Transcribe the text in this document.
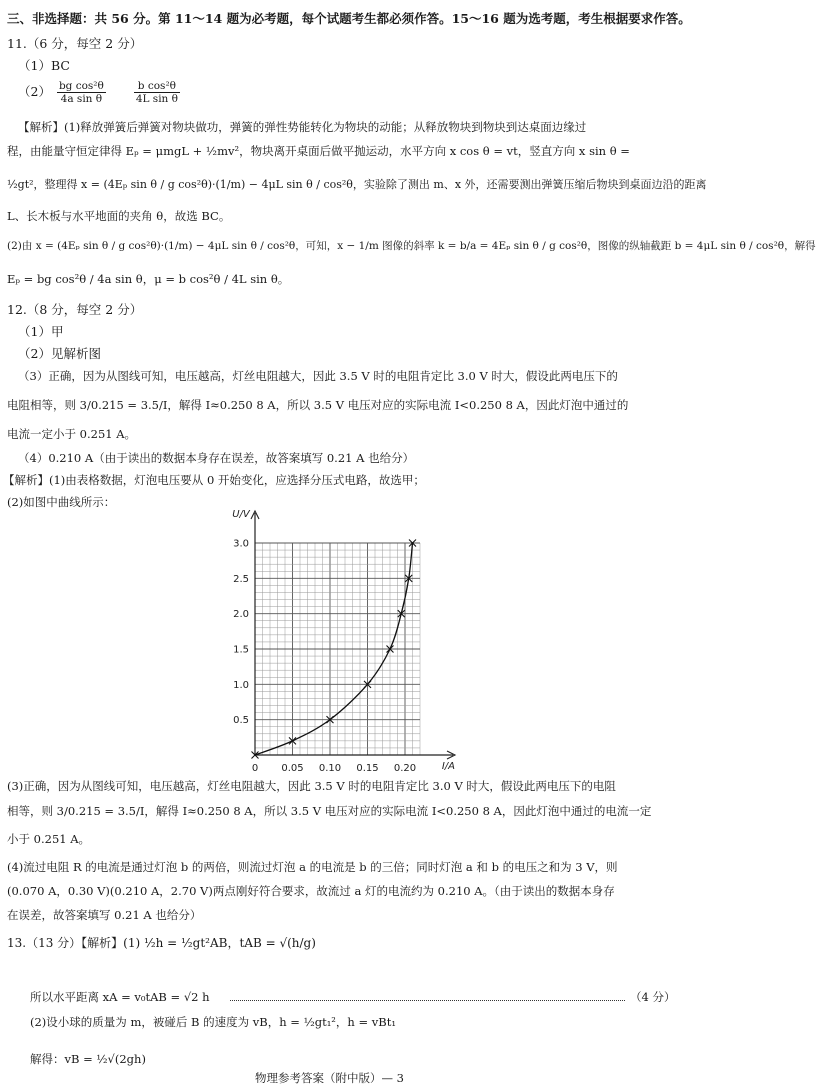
三、非选择题：共 56 分。第 11～14 题为必考题，每个试题考生都必须作答。15～16 题为选考题，考生根据要求作答。
11.（6 分，每空 2 分）
（1）BC
$(2) \frac{\text{bg cos²θ}}{\text{4a sin θ}}$
	$\frac{\text{b cos²θ}}{\text{4L sin θ}}$
【解析】(1)释放弹簧后弹簧对物块做功，弹簧的弹性势能转化为物块的动能；从释放物块到物块到达桌面边缘过
程，由能量守恒定律得 Eₚ = μmgL + ½mv²，物块离开桌面后做平抛运动，水平方向 x cos θ = vt，竖直方向 x sin θ =
½gt²，整理得 x = (4Eₚ sin θ / g cos²θ)·(1/m) − 4μL sin θ / cos²θ，实验除了测出 m、x 外，还需要测出弹簧压缩后物块到桌面边沿的距离
L、长木板与水平地面的夹角 θ，故选 BC。
(2)由 x = (4Eₚ sin θ / g cos²θ)·(1/m) − 4μL sin θ / cos²θ，可知，x − 1/m 图像的斜率 k = b/a = 4Eₚ sin θ / g cos²θ，图像的纵轴截距 b = 4μL sin θ / cos²θ，解得
Eₚ = bg cos²θ / 4a sin θ，μ = b cos²θ / 4L sin θ。
12.（8 分，每空 2 分）
（1）甲
（2）见解析图
（3）正确，因为从图线可知，电压越高，灯丝电阻越大，因此 3.5 V 时的电阻肯定比 3.0 V 时大，假设此两电压下的
电阻相等，则 3/0.215 = 3.5/I，解得 I≈0.250 8 A，所以 3.5 V 电压对应的实际电流 I<0.250 8 A，因此灯泡中通过的
电流一定小于 0.251 A。
（4）0.210 A（由于读出的数据本身存在误差，故答案填写 0.21 A 也给分）
【解析】(1)由表格数据，灯泡电压要从 0 开始变化，应选择分压式电路，故选甲；
(2)如图中曲线所示：
0 0.05 0.10 0.15 0.20
0.5
1.0
1.5
2.0
2.5
3.0
U/V
I/A
(3)正确，因为从图线可知，电压越高，灯丝电阻越大，因此 3.5 V 时的电阻肯定比 3.0 V 时大，假设此两电压下的电阻
相等，则 3/0.215 = 3.5/I，解得 I≈0.250 8 A，所以 3.5 V 电压对应的实际电流 I<0.250 8 A，因此灯泡中通过的电流一定
小于 0.251 A。
(4)流过电阻 R 的电流是通过灯泡 b 的两倍，则流过灯泡 a 的电流是 b 的三倍；同时灯泡 a 和 b 的电压之和为 3 V，则
(0.070 A，0.30 V)(0.210 A，2.70 V)两点刚好符合要求，故流过 a 灯的电流约为 0.210 A。（由于读出的数据本身存
在误差，故答案填写 0.21 A 也给分）
13.（13 分）【解析】(1) ½h = ½gt²AB，tAB = √(h/g)
所以水平距离 xA = v₀tAB = √2 h	（4 分）
(2)设小球的质量为 m，被碰后 B 的速度为 vB，h = ½gt₁²，h = vBt₁
解得：vB = ½√(2gh)
物理参考答案（附中版）— 3
